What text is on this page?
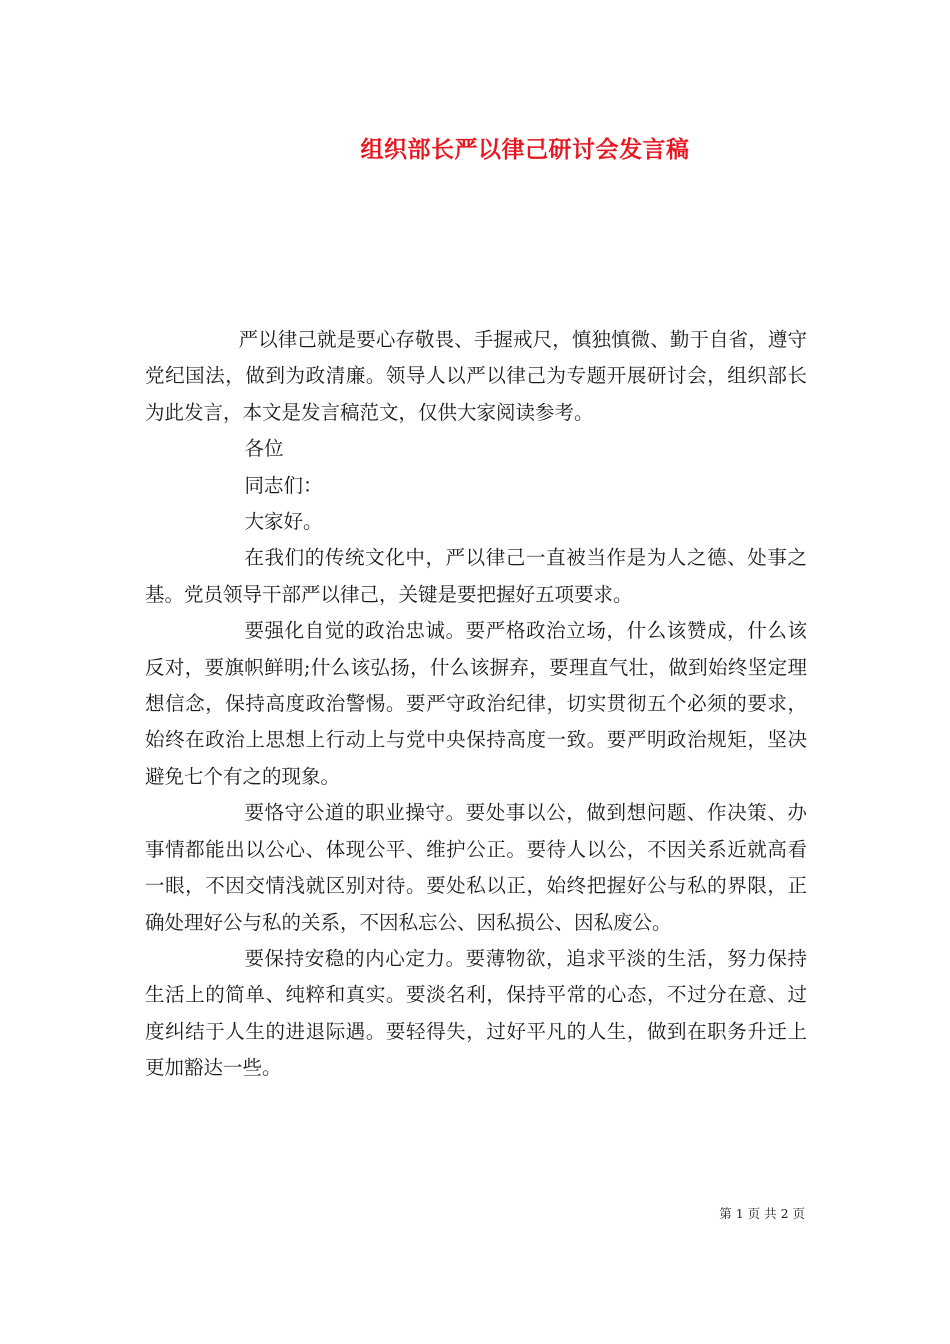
组织部长严以律己研讨会发言稿

严以律己就是要心存敬畏、手握戒尺，慎独慎微、勤于自省，遵守党纪国法，做到为政清廉。领导人以严以律己为专题开展研讨会，组织部长为此发言，本文是发言稿范文，仅供大家阅读参考。

各位

同志们：

大家好。

在我们的传统文化中，严以律己一直被当作是为人之德、处事之基。党员领导干部严以律己，关键是要把握好五项要求。

要强化自觉的政治忠诚。要严格政治立场，什么该赞成，什么该反对，要旗帜鲜明;什么该弘扬，什么该摒弃，要理直气壮，做到始终坚定理想信念，保持高度政治警惕。要严守政治纪律，切实贯彻五个必须的要求，始终在政治上思想上行动上与党中央保持高度一致。要严明政治规矩，坚决避免七个有之的现象。

要恪守公道的职业操守。要处事以公，做到想问题、作决策、办事情都能出以公心、体现公平、维护公正。要待人以公，不因关系近就高看一眼，不因交情浅就区别对待。要处私以正，始终把握好公与私的界限，正确处理好公与私的关系，不因私忘公、因私损公、因私废公。

要保持安稳的内心定力。要薄物欲，追求平淡的生活，努力保持生活上的简单、纯粹和真实。要淡名利，保持平常的心态，不过分在意、过度纠结于人生的进退际遇。要轻得失，过好平凡的人生，做到在职务升迁上更加豁达一些。

第 1 页 共 2 页
